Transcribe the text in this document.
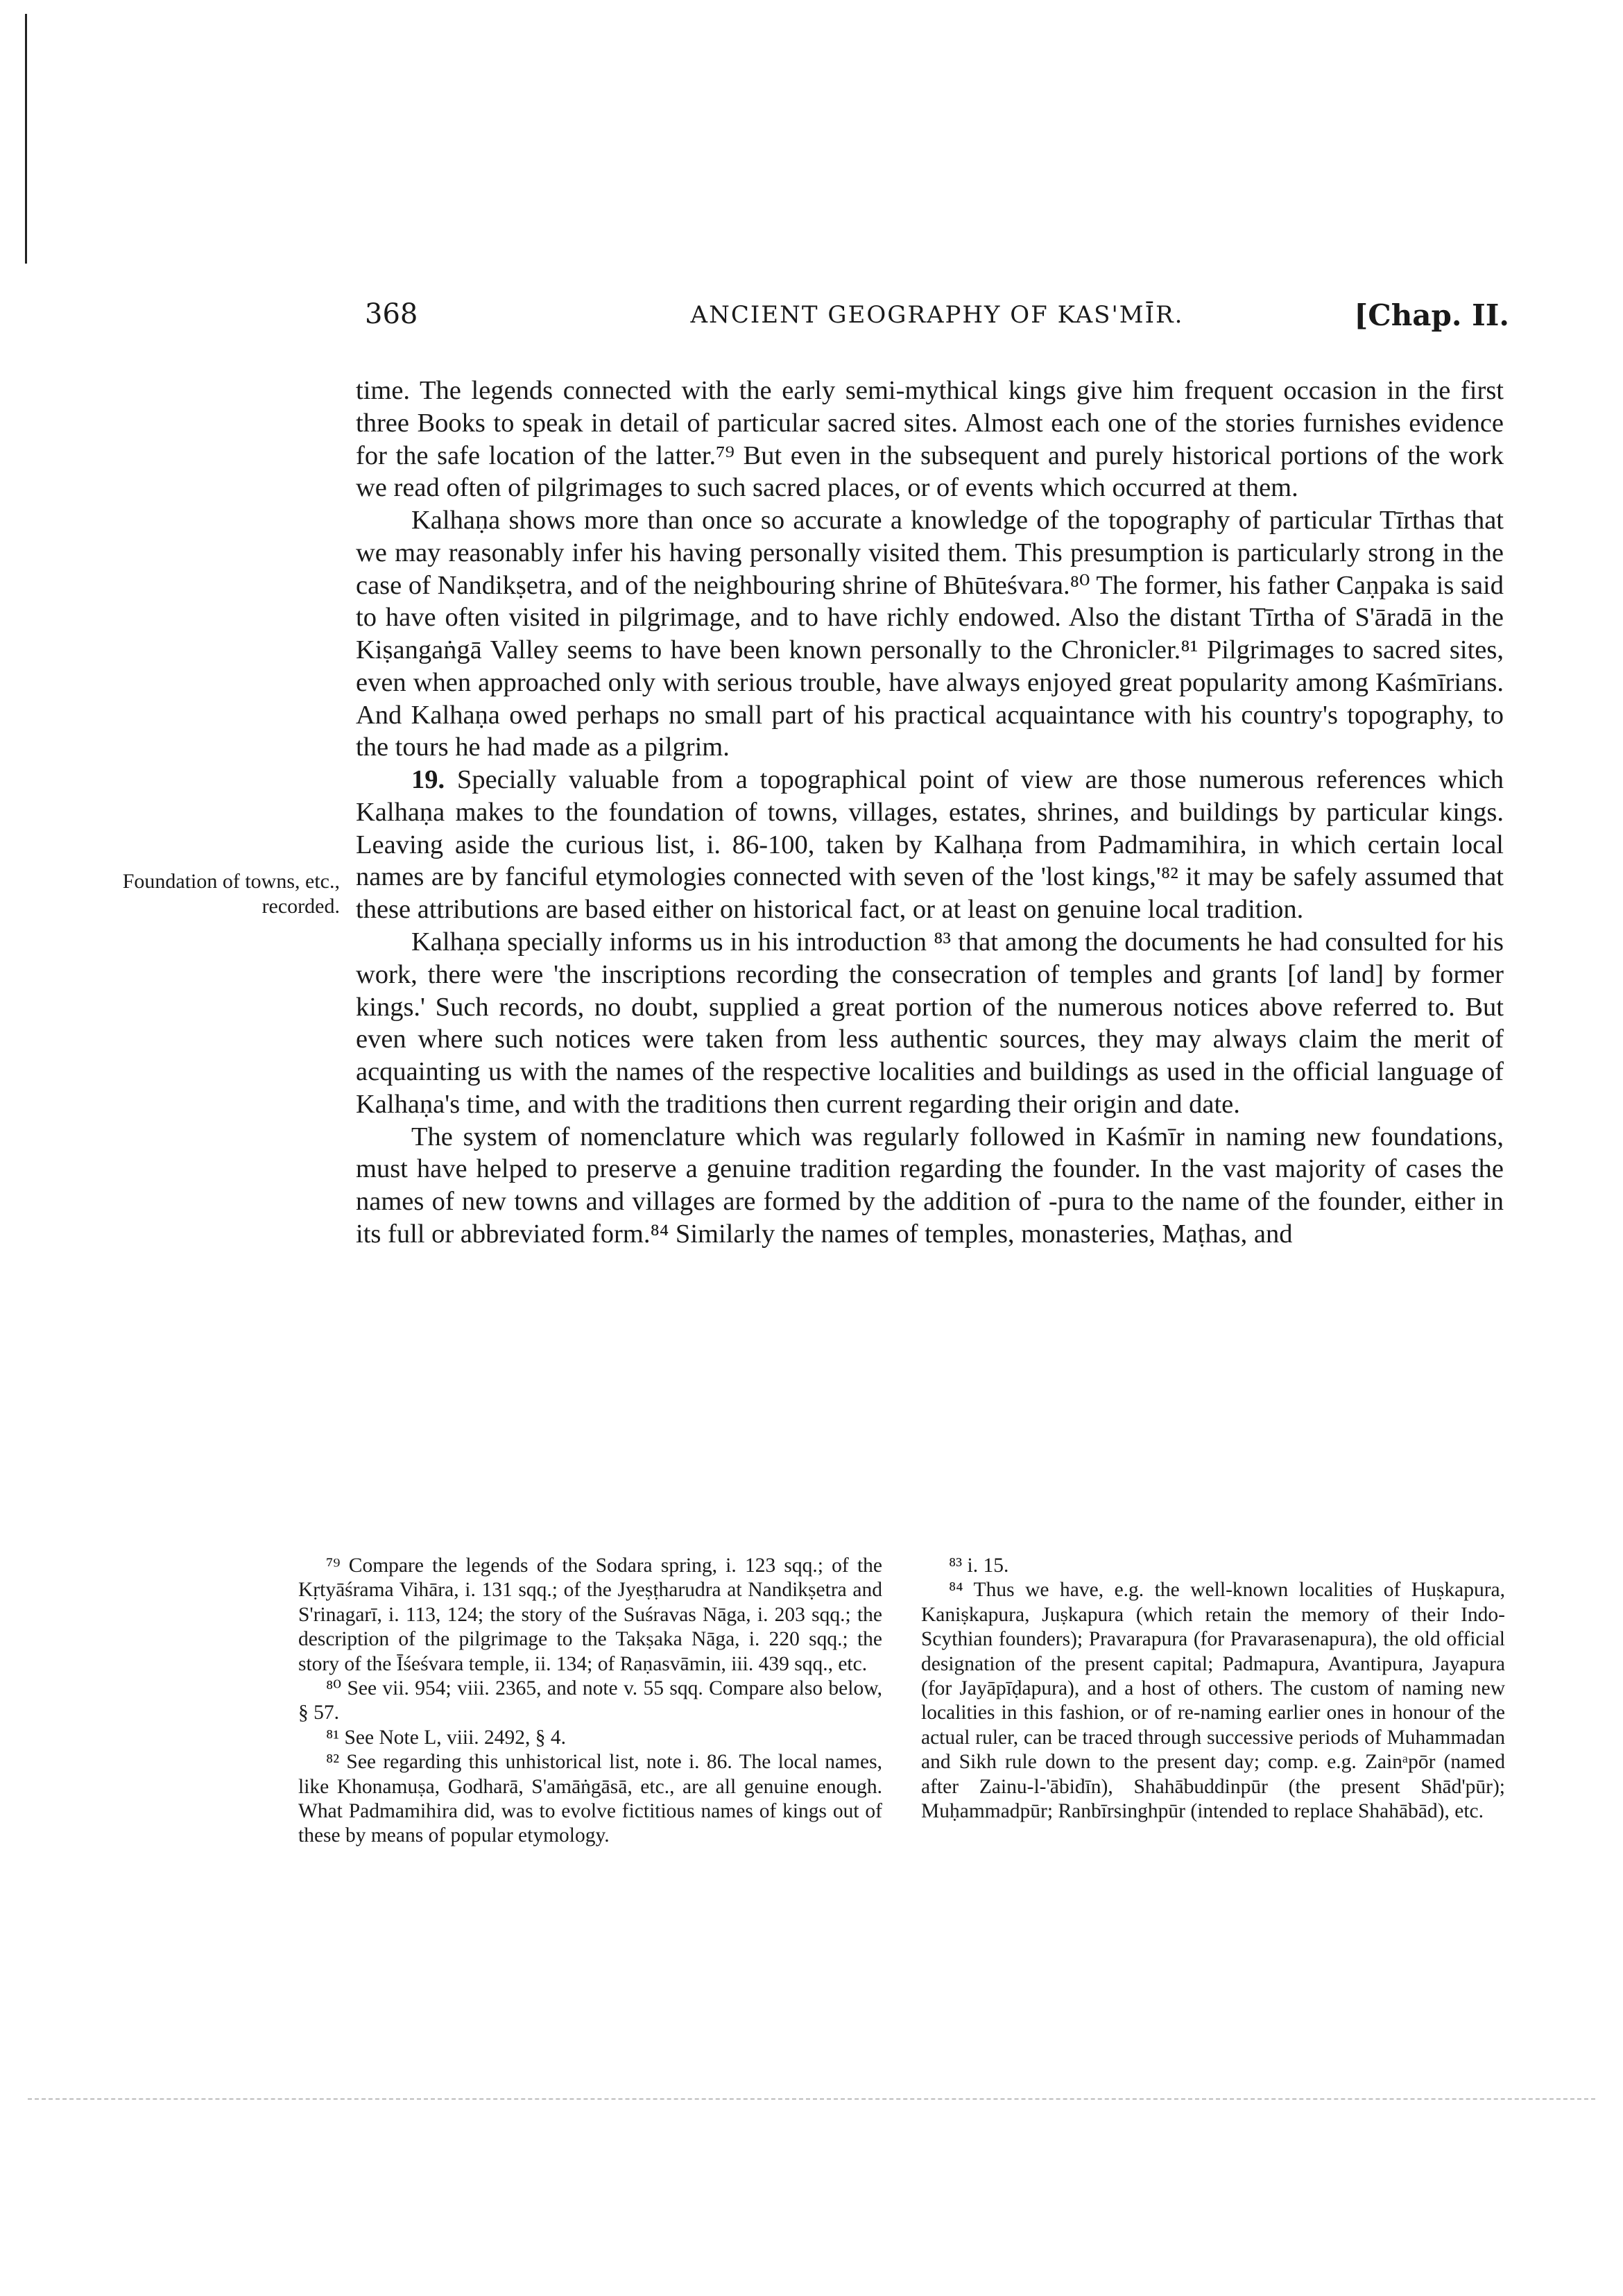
368	ANCIENT GEOGRAPHY OF KAS'MĪR.	[Chap. II.
Foundation of towns, etc., recorded.

time. The legends connected with the early semi-mythical kings give him frequent occasion in the first three Books to speak in detail of particular sacred sites. Almost each one of the stories furnishes evidence for the safe location of the latter.⁷⁹ But even in the subsequent and purely historical portions of the work we read often of pilgrimages to such sacred places, or of events which occurred at them.

Kalhaṇa shows more than once so accurate a knowledge of the topography of particular Tīrthas that we may reasonably infer his having personally visited them. This presumption is particularly strong in the case of Nandikṣetra, and of the neighbouring shrine of Bhūteśvara.⁸⁰ The former, his father Caṇpaka is said to have often visited in pilgrimage, and to have richly endowed. Also the distant Tīrtha of S'āradā in the Kiṣangaṅgā Valley seems to have been known personally to the Chronicler.⁸¹ Pilgrimages to sacred sites, even when approached only with serious trouble, have always enjoyed great popularity among Kaśmīrians. And Kalhaṇa owed perhaps no small part of his practical acquaintance with his country's topography, to the tours he had made as a pilgrim.

19. Specially valuable from a topographical point of view are those numerous references which Kalhaṇa makes to the foundation of towns, villages, estates, shrines, and buildings by particular kings. Leaving aside the curious list, i. 86-100, taken by Kalhaṇa from Padmamihira, in which certain local names are by fanciful etymologies connected with seven of the 'lost kings,'⁸² it may be safely assumed that these attributions are based either on historical fact, or at least on genuine local tradition.

Kalhaṇa specially informs us in his introduction ⁸³ that among the documents he had consulted for his work, there were 'the inscriptions recording the consecration of temples and grants [of land] by former kings.' Such records, no doubt, supplied a great portion of the numerous notices above referred to. But even where such notices were taken from less authentic sources, they may always claim the merit of acquainting us with the names of the respective localities and buildings as used in the official language of Kalhaṇa's time, and with the traditions then current regarding their origin and date.

The system of nomenclature which was regularly followed in Kaśmīr in naming new foundations, must have helped to preserve a genuine tradition regarding the founder. In the vast majority of cases the names of new towns and villages are formed by the addition of -pura to the name of the founder, either in its full or abbreviated form.⁸⁴ Similarly the names of temples, monasteries, Maṭhas, and

⁷⁹ Compare the legends of the Sodara spring, i. 123 sqq.; of the Kṛtyāśrama Vihāra, i. 131 sqq.; of the Jyeṣṭharudra at Nandikṣetra and S'rinagarī, i. 113, 124; the story of the Suśravas Nāga, i. 203 sqq.; the description of the pilgrimage to the Takṣaka Nāga, i. 220 sqq.; the story of the Īśeśvara temple, ii. 134; of Raṇasvāmin, iii. 439 sqq., etc.

⁸⁰ See vii. 954; viii. 2365, and note v. 55 sqq. Compare also below, § 57.

⁸¹ See Note L, viii. 2492, § 4.

⁸² See regarding this unhistorical list, note i. 86. The local names, like Khonamuṣa, Godharā, S'amāṅgāsā, etc., are all genuine enough. What Padmamihira did, was to evolve fictitious names of kings out of these by means of popular etymology.

⁸³ i. 15.

⁸⁴ Thus we have, e.g. the well-known localities of Huṣkapura, Kaniṣkapura, Juṣkapura (which retain the memory of their Indo-Scythian founders); Pravarapura (for Pravarasenapura), the old official designation of the present capital; Padmapura, Avantipura, Jayapura (for Jayāpīḍapura), and a host of others. The custom of naming new localities in this fashion, or of re-naming earlier ones in honour of the actual ruler, can be traced through successive periods of Muhammadan and Sikh rule down to the present day; comp. e.g. Zainᵃpōr (named after Zainu-l-'ābidīn), Shahābuddinpūr (the present Shād'pūr); Muḥammadpūr; Ranbīrsinghpūr (intended to replace Shahābād), etc.
